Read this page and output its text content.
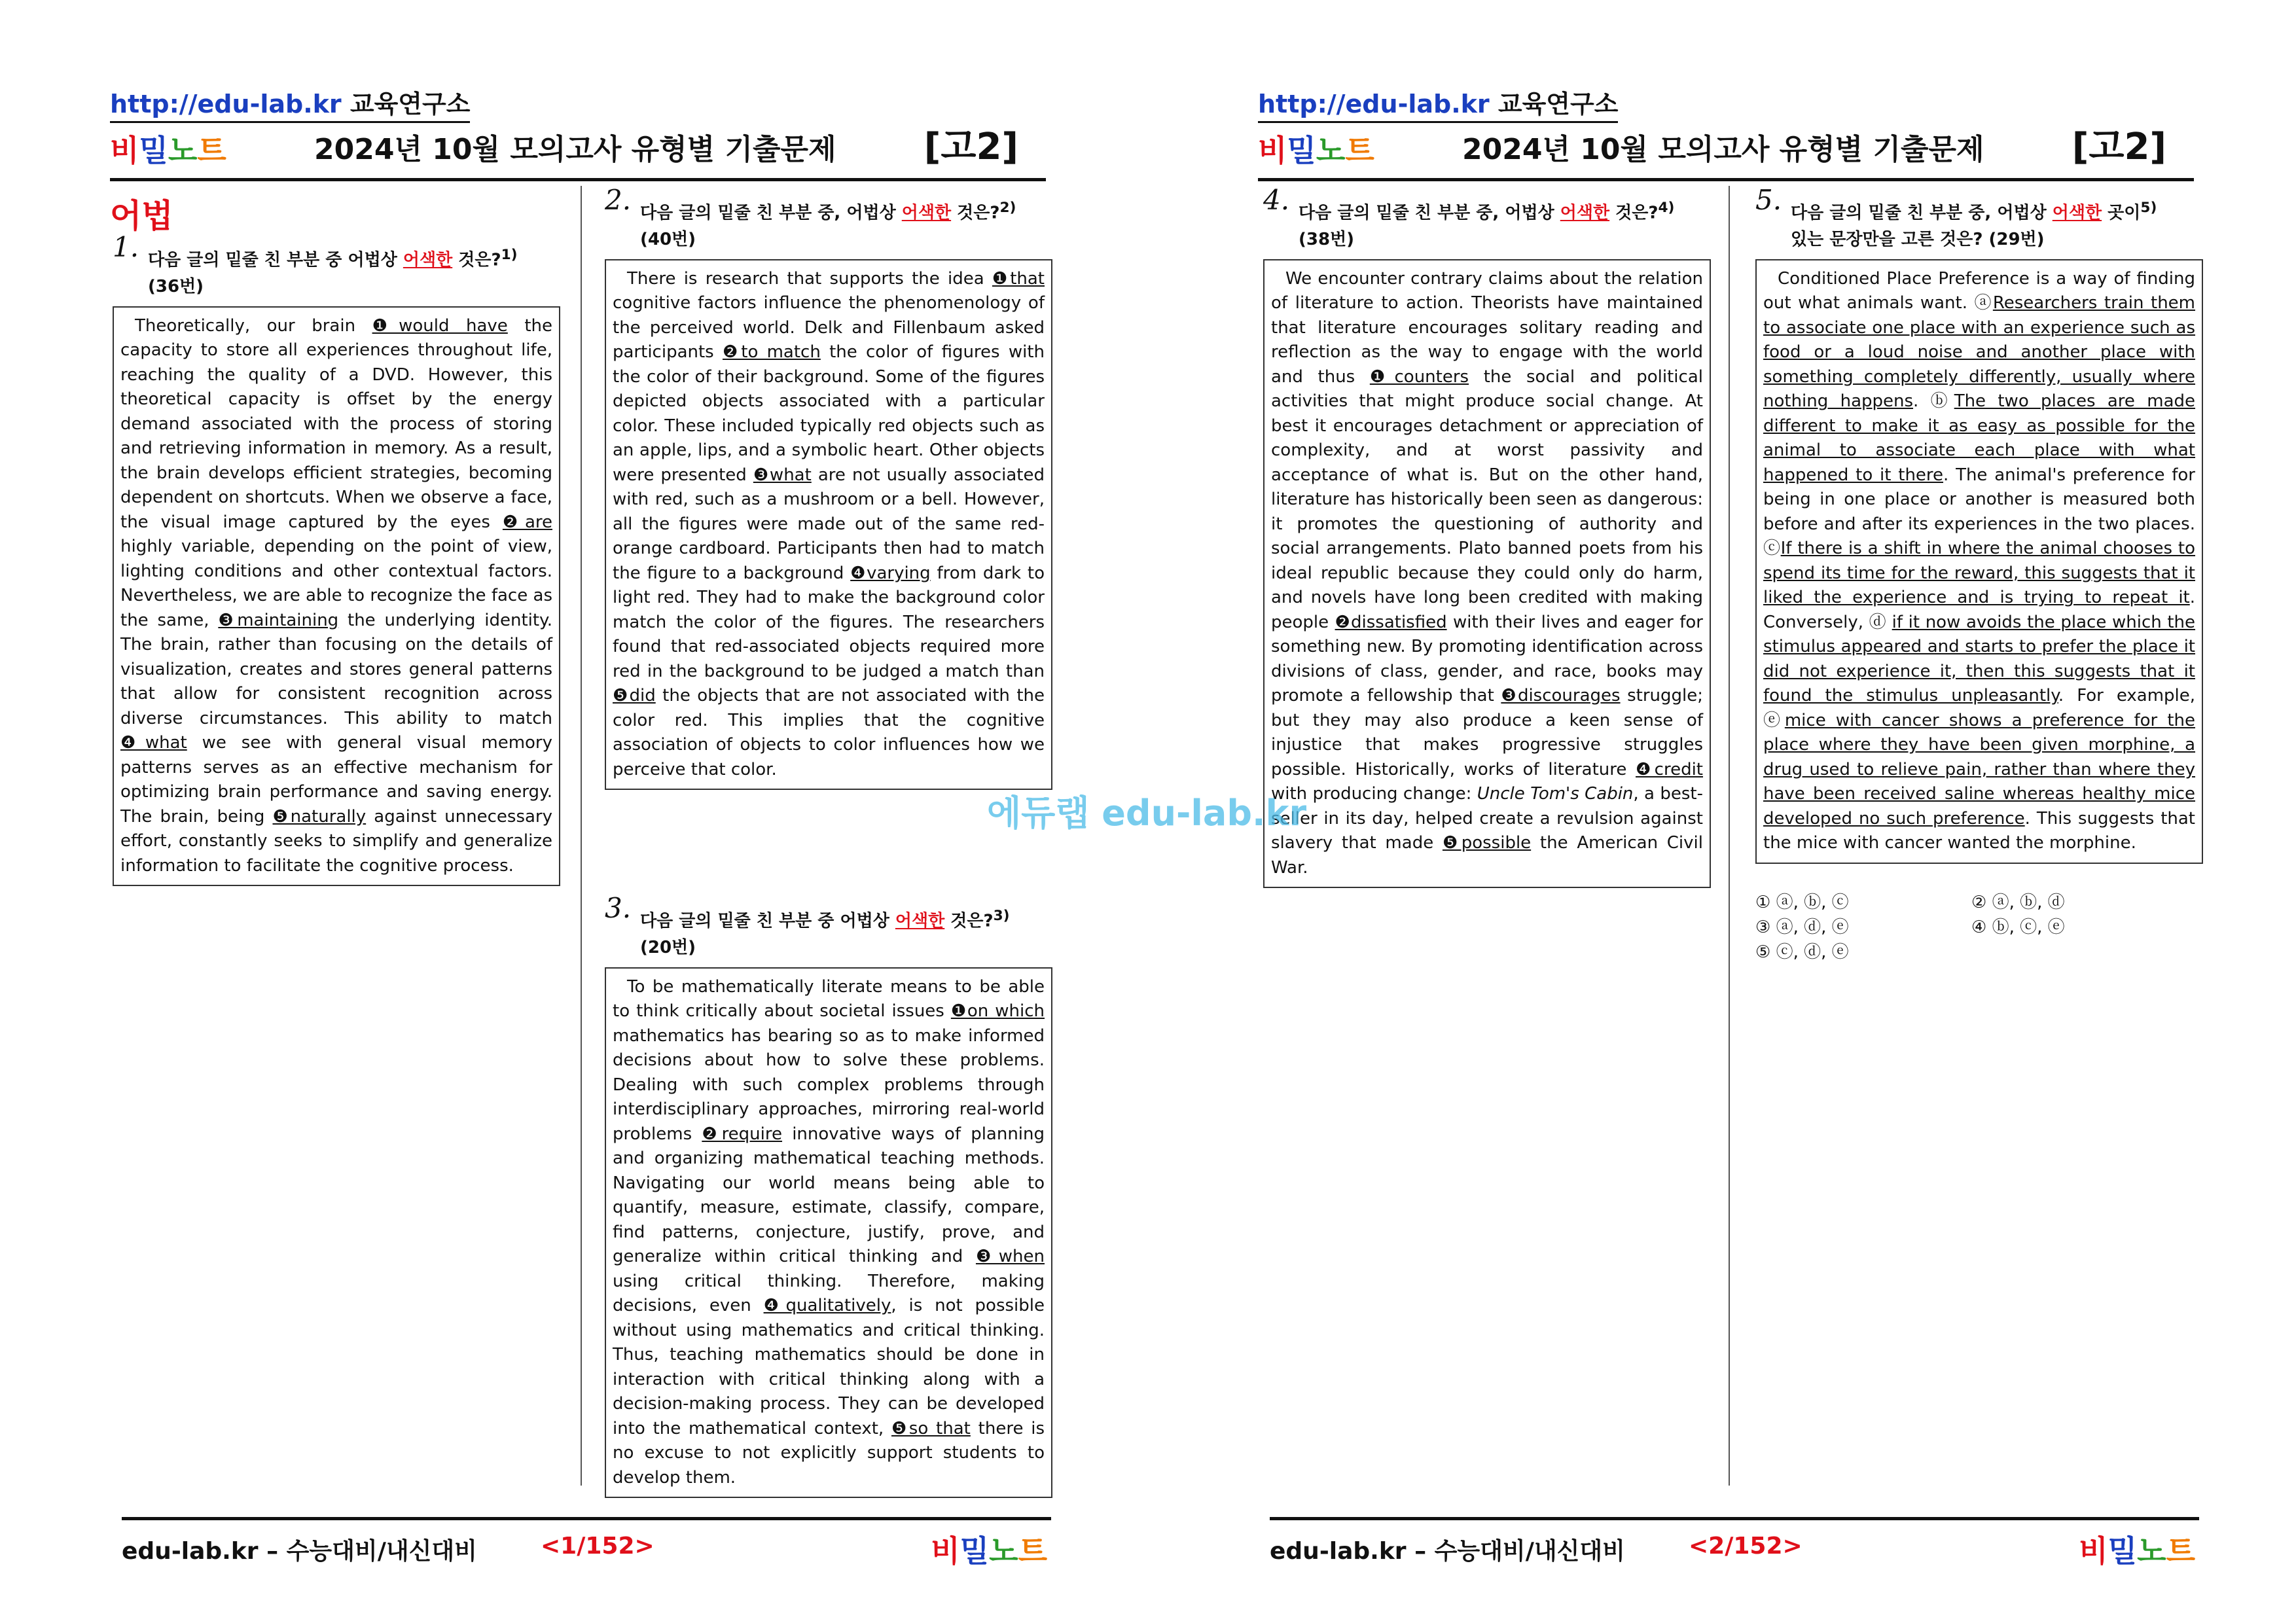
http://edu-lab.kr 교육연구소
비밀노트	2024년 10월 모의고사 유형별 기출문제 [고2]
어법
1. 다음 글의 밑줄 친 부분 중 어법상 어색한 것은?$^{1)}$
(36번)

Theoretically, our brain ❶would have the capacity to store all experiences throughout life, reaching the quality of a DVD. However, this theoretical capacity is offset by the energy demand associated with the process of storing and retrieving information in memory. As a result, the brain develops efficient strategies, becoming dependent on shortcuts. When we observe a face, the visual image captured by the eyes ❷are highly variable, depending on the point of view, lighting conditions and other contextual factors. Nevertheless, we are able to recognize the face as the same, ❸maintaining the underlying identity. The brain, rather than focusing on the details of visualization, creates and stores general patterns that allow for consistent recognition across diverse circumstances. This ability to match ❹what we see with general visual memory patterns serves as an effective mechanism for optimizing brain performance and saving energy. The brain, being ❺naturally against unnecessary effort, constantly seeks to simplify and generalize information to facilitate the cognitive process.

2. 다음 글의 밑줄 친 부분 중, 어법상 어색한 것은?$^{2)}$
(40번)

There is research that supports the idea ❶that cognitive factors influence the phenomenology of the perceived world. Delk and Fillenbaum asked participants ❷to match the color of figures with the color of their background. Some of the figures depicted objects associated with a particular color. These included typically red objects such as an apple, lips, and a symbolic heart. Other objects were presented ❸what are not usually associated with red, such as a mushroom or a bell. However, all the figures were made out of the same red-orange cardboard. Participants then had to match the figure to a background ❹varying from dark to light red. They had to make the background color match the color of the figures. The researchers found that red-associated objects required more red in the background to be judged a match than ❺did the objects that are not associated with the color red. This implies that the cognitive association of objects to color influences how we perceive that color.

3. 다음 글의 밑줄 친 부분 중 어법상 어색한 것은?$^{3)}$
(20번)

To be mathematically literate means to be able to think critically about societal issues ❶on which mathematics has bearing so as to make informed decisions about how to solve these problems. Dealing with such complex problems through interdisciplinary approaches, mirroring real-world problems ❷require innovative ways of planning and organizing mathematical teaching methods. Navigating our world means being able to quantify, measure, estimate, classify, compare, find patterns, conjecture, justify, prove, and generalize within critical thinking and ❸when using critical thinking. Therefore, making decisions, even ❹qualitatively, is not possible without using mathematics and critical thinking. Thus, teaching mathematics should be done in interaction with critical thinking along with a decision-making process. They can be developed into the mathematical context, ❺so that there is no excuse to not explicitly support students to develop them.

edu-lab.kr – 수능대비/내신대비	<1/152>	비밀노트
http://edu-lab.kr 교육연구소
비밀노트	2024년 10월 모의고사 유형별 기출문제 [고2]
4. 다음 글의 밑줄 친 부분 중, 어법상 어색한 것은?$^{4)}$
(38번)

We encounter contrary claims about the relation of literature to action. Theorists have maintained that literature encourages solitary reading and reflection as the way to engage with the world and thus ❶counters the social and political activities that might produce social change. At best it encourages detachment or appreciation of complexity, and at worst passivity and acceptance of what is. But on the other hand, literature has historically been seen as dangerous: it promotes the questioning of authority and social arrangements. Plato banned poets from his ideal republic because they could only do harm, and novels have long been credited with making people ❷dissatisfied with their lives and eager for something new. By promoting identification across divisions of class, gender, and race, books may promote a fellowship that ❸discourages struggle; but they may also produce a keen sense of injustice that makes progressive struggles possible. Historically, works of literature ❹credit with producing change: Uncle Tom's Cabin, a best-seller in its day, helped create a revulsion against slavery that made ❺possible the American Civil War.

5. 다음 글의 밑줄 친 부분 중, 어법상 어색한 곳이$^{5)}$
있는 문장만을 고른 것은? (29번)

Conditioned Place Preference is a way of finding out what animals want. ⓐResearchers train them to associate one place with an experience such as food or a loud noise and another place with something completely differently, usually where nothing happens. ⓑThe two places are made different to make it as easy as possible for the animal to associate each place with what happened to it there. The animal's preference for being in one place or another is measured both before and after its experiences in the two places. ⓒIf there is a shift in where the animal chooses to spend its time for the reward, this suggests that it liked the experience and is trying to repeat it. Conversely, ⓓ if it now avoids the place which the stimulus appeared and starts to prefer the place it did not experience it, then this suggests that it found the stimulus unpleasantly. For example, ⓔmice with cancer shows a preference for the place where they have been given morphine, a drug used to relieve pain, rather than where they have been received saline whereas healthy mice developed no such preference. This suggests that the mice with cancer wanted the morphine.

① ⓐ, ⓑ, ⓒ	② ⓐ, ⓑ, ⓓ
③ ⓐ, ⓓ, ⓔ	④ ⓑ, ⓒ, ⓔ
⑤ ⓒ, ⓓ, ⓔ
edu-lab.kr – 수능대비/내신대비	<2/152>	비밀노트
에듀랩 edu-lab.kr
